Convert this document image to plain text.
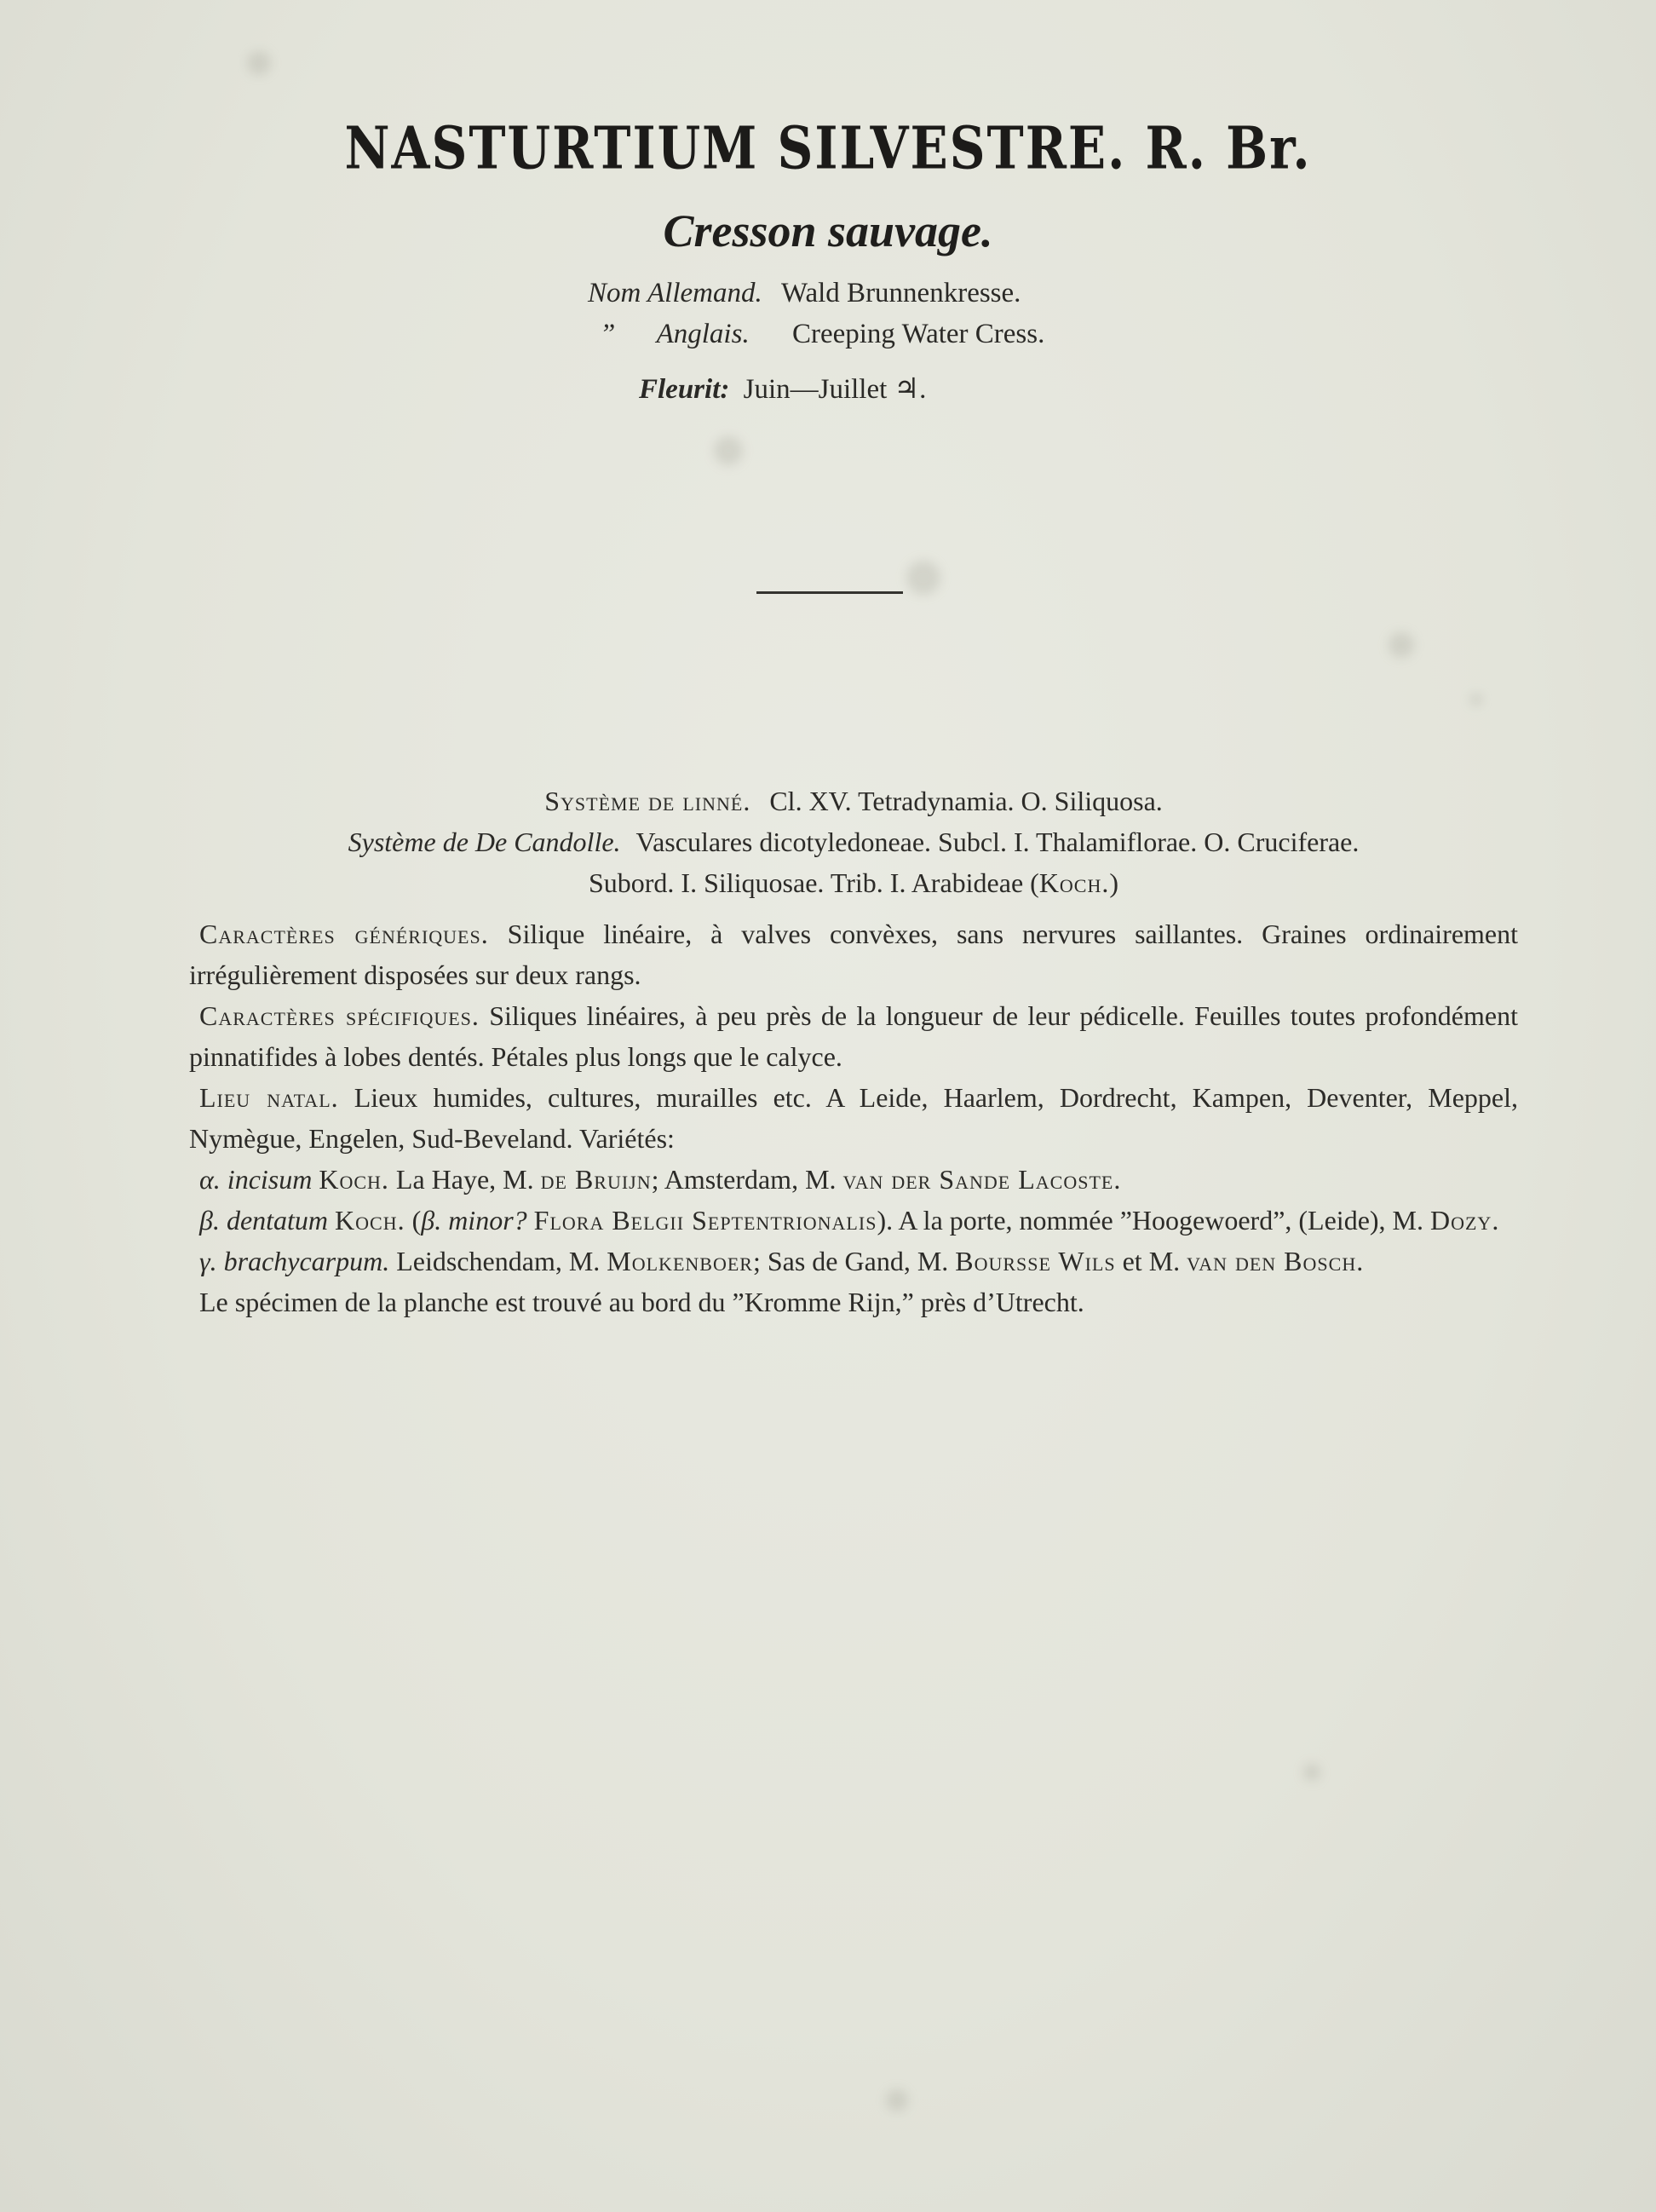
NASTURTIUM SILVESTRE. R. Br.
Cresson sauvage.
Nom Allemand. Wald Brunnenkresse.
” Anglais. Creeping Water Cress.
Fleurit: Juin—Juillet ♃.

Système de linné. Cl. XV. Tetradynamia. O. Siliquosa.

Système de De Candolle. Vasculares dicotyledoneae. Subcl. I. Thalamiflorae. O. Cruciferae.

Subord. I. Siliquosae. Trib. I. Arabideae (Koch.)

Caractères génériques. Silique linéaire, à valves convèxes, sans nervures saillantes. Graines ordinairement irrégulièrement disposées sur deux rangs.

Caractères spécifiques. Siliques linéaires, à peu près de la longueur de leur pédicelle. Feuilles toutes profondément pinnatifides à lobes dentés. Pétales plus longs que le calyce.

Lieu natal. Lieux humides, cultures, murailles etc. A Leide, Haarlem, Dordrecht, Kampen, Deventer, Meppel, Nymègue, Engelen, Sud-Beveland. Variétés:

α. incisum Koch. La Haye, M. de Bruijn; Amsterdam, M. van der Sande Lacoste.

β. dentatum Koch. (β. minor? Flora Belgii Septentrionalis). A la porte, nommée ”Hoogewoerd”, (Leide), M. Dozy.

γ. brachycarpum. Leidschendam, M. Molkenboer; Sas de Gand, M. Boursse Wils et M. van den Bosch.

Le spécimen de la planche est trouvé au bord du ”Kromme Rijn,” près d’Utrecht.
